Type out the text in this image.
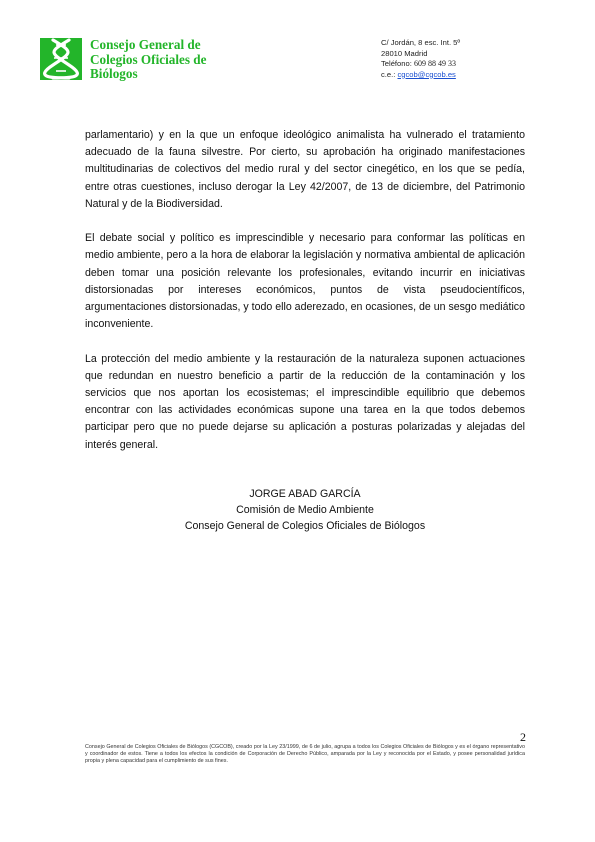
Consejo General de
Colegios Oficiales de
Biólogos
C/ Jordán, 8 esc. Int. 5º
28010 Madrid
Teléfono: 609 88 49 33
c.e.: cgcob@cgcob.es

parlamentario) y en la que un enfoque ideológico animalista ha vulnerado el tratamiento adecuado de la fauna silvestre. Por cierto, su aprobación ha originado manifestaciones multitudinarias de colectivos del medio rural y del sector cinegético, en los que se pedía, entre otras cuestiones, incluso derogar la Ley 42/2007, de 13 de diciembre, del Patrimonio Natural y de la Biodiversidad.

El debate social y político es imprescindible y necesario para conformar las políticas en medio ambiente, pero a la hora de elaborar la legislación y normativa ambiental de aplicación deben tomar una posición relevante los profesionales, evitando incurrir en iniciativas distorsionadas por intereses económicos, puntos de vista pseudocientíficos, argumentaciones distorsionadas, y todo ello aderezado, en ocasiones, de un sesgo mediático inconveniente.

La protección del medio ambiente y la restauración de la naturaleza suponen actuaciones que redundan en nuestro beneficio a partir de la reducción de la contaminación y los servicios que nos aportan los ecosistemas; el imprescindible equilibrio que debemos encontrar con las actividades económicas supone una tarea en la que todos debemos participar pero que no puede dejarse su aplicación a posturas polarizadas y alejadas del interés general.

JORGE ABAD GARCÍA
Comisión de Medio Ambiente
Consejo General de Colegios Oficiales de Biólogos
2
Consejo General de Colegios Oficiales de Biólogos (CGCOB), creado por la Ley 23/1999, de 6 de julio, agrupa a todos los Colegios Oficiales de Biólogos y es el órgano representativo y coordinador de estos. Tiene a todos los efectos la condición de Corporación de Derecho Público, amparada por la Ley y reconocida por el Estado, y posee personalidad jurídica propia y plena capacidad para el cumplimiento de sus fines.
